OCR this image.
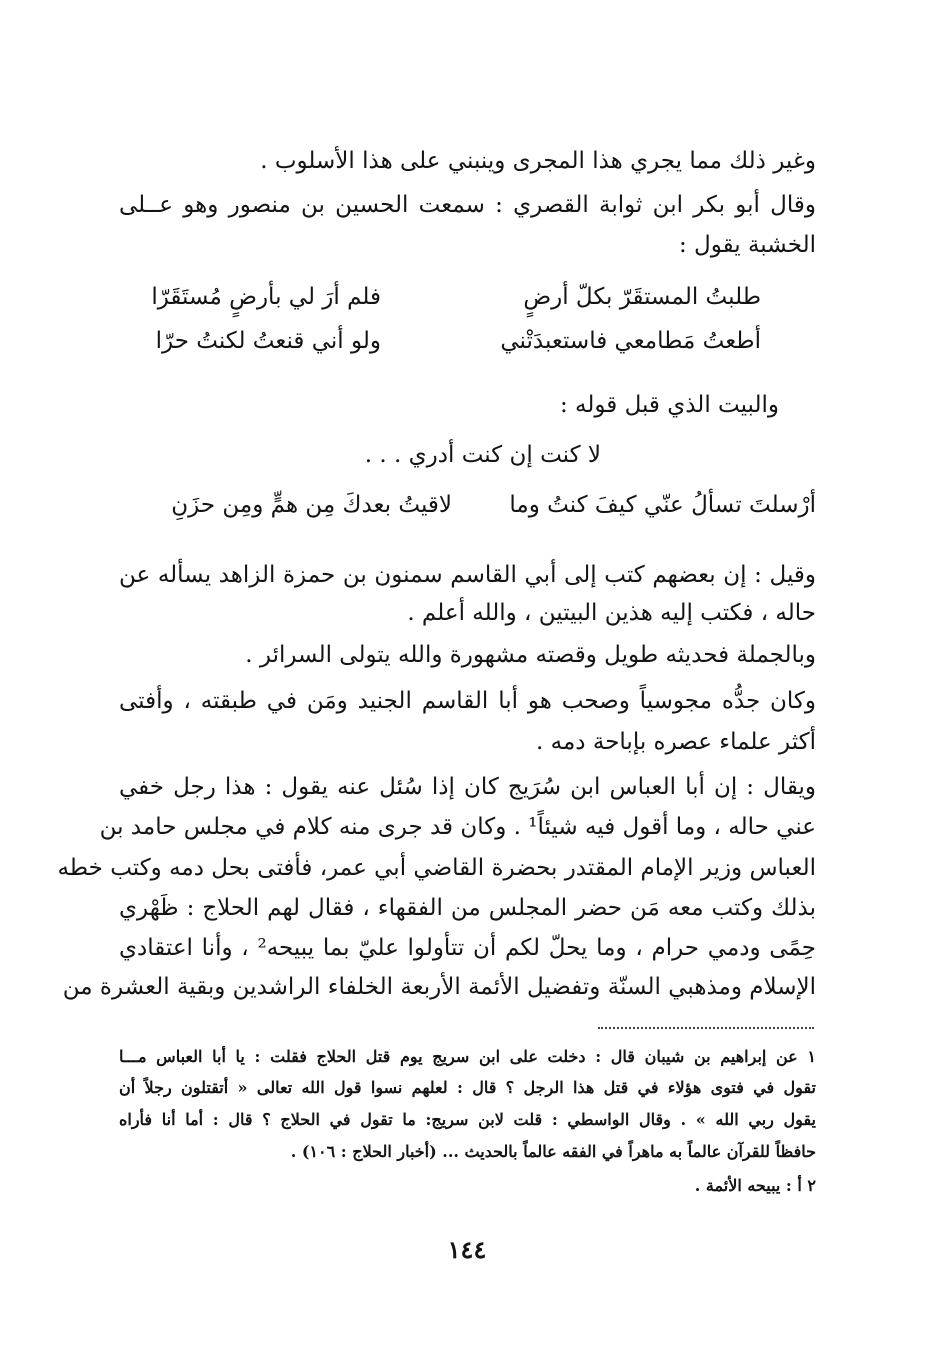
وغير ذلك مما يجري هذا المجرى وينبني على هذا الأسلوب .
وقال أبو بكر ابن ثوابة القصري : سمعت الحسين بن منصور وهو عــلى
الخشبة يقول :
طلبتُ المستقَرّ بكلّ أرضٍ
فلم أرَ لي بأرضٍ مُستَقَرّا
أطعتُ مَطامعي فاستعبدَتْني
ولو أني قنعتُ لكنتُ حرّا
والبيت الذي قبل قوله :
لا كنت إن كنت أدري . . .
أرْسلتَ تسألُ عنّي كيفَ كنتُ وما
لاقيتُ بعدكَ مِن همٍّ ومِن حزَنِ
وقيل : إن بعضهم كتب إلى أبي القاسم سمنون بن حمزة الزاهد يسأله عن
حاله ، فكتب إليه هذين البيتين ، والله أعلم .
وبالجملة فحديثه طويل وقصته مشهورة والله يتولى السرائر .
وكان جدُّه مجوسياً وصحب هو أبا القاسم الجنيد ومَن في طبقته ، وأفتى
أكثر علماء عصره بإباحة دمه .
ويقال : إن أبا العباس ابن سُرَيج كان إذا سُئل عنه يقول : هذا رجل خفي
عني حاله ، وما أقول فيه شيئاً¹ . وكان قد جرى منه كلام في مجلس حامد بن
العباس وزير الإمام المقتدر بحضرة القاضي أبي عمر، فأفتى بحل دمه وكتب خطه
بذلك وكتب معه مَن حضر المجلس من الفقهاء ، فقال لهم الحلاج : ظَهْري
حِمًى ودمي حرام ، وما يحلّ لكم أن تتأولوا عليّ بما يبيحه² ، وأنا اعتقادي
الإسلام ومذهبي السنّة وتفضيل الأئمة الأربعة الخلفاء الراشدين وبقية العشرة من
١ عن إبراهيم بن شيبان قال : دخلت على ابن سريج يوم قتل الحلاج فقلت : يا أبا العباس مـــا
تقول في فتوى هؤلاء في قتل هذا الرجل ؟ قال : لعلهم نسوا قول الله تعالى « أتقتلون رجلاً أن
يقول ربي الله » . وقال الواسطي : قلت لابن سريج: ما تقول في الحلاج ؟ قال : أما أنا فأراه
حافظاً للقرآن عالماً به ماهراً في الفقه عالماً بالحديث ... (أخبار الحلاج : ١٠٦) .
٢ أ : يبيحه الأئمة .
١٤٤
